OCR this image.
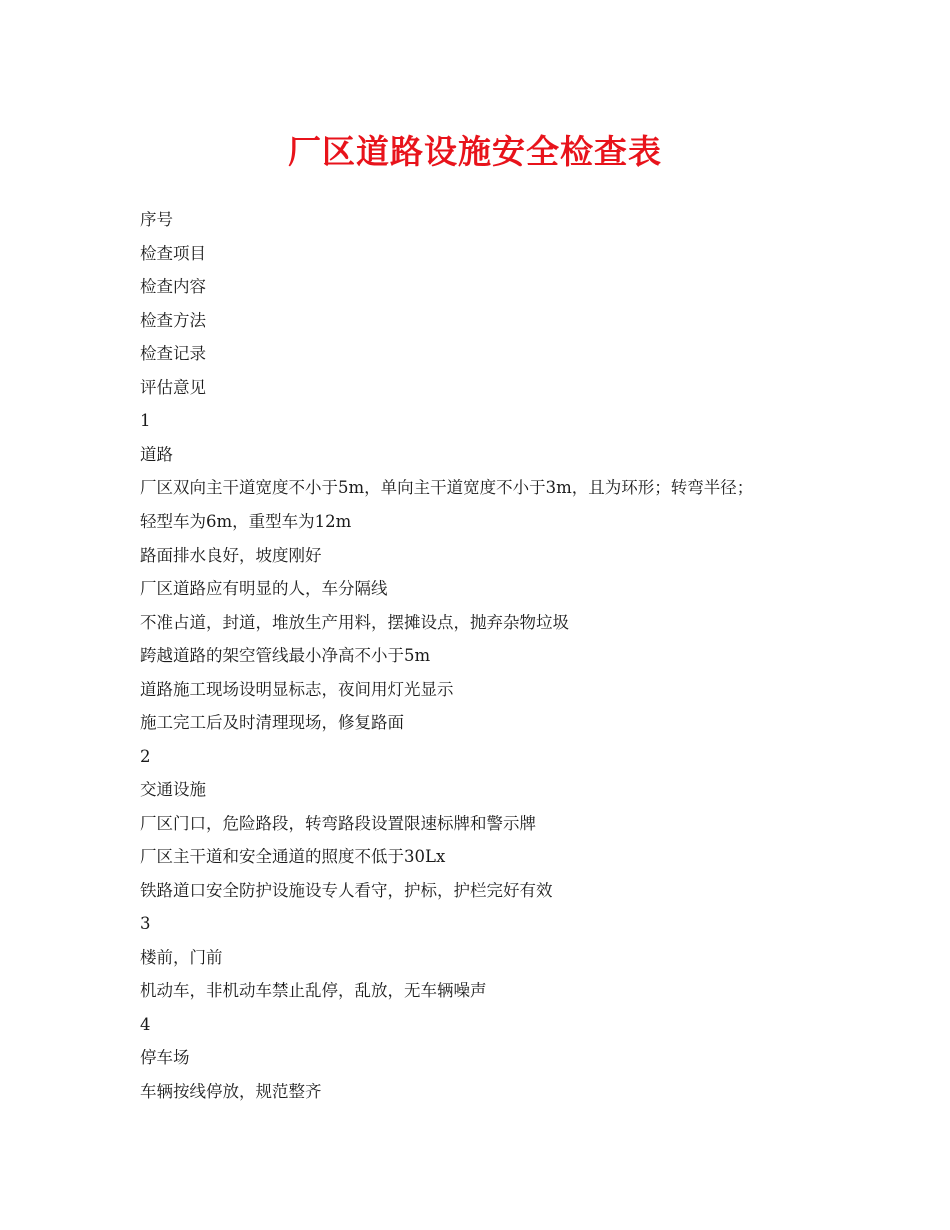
厂区道路设施安全检查表
序号
检查项目
检查内容
检查方法
检查记录
评估意见
1
道路
厂区双向主干道宽度不小于5m，单向主干道宽度不小于3m，且为环形；转弯半径；
轻型车为6m，重型车为12m
路面排水良好，坡度刚好
厂区道路应有明显的人，车分隔线
不准占道，封道，堆放生产用料，摆摊设点，抛弃杂物垃圾
跨越道路的架空管线最小净高不小于5m
道路施工现场设明显标志，夜间用灯光显示
施工完工后及时清理现场，修复路面
2
交通设施
厂区门口，危险路段，转弯路段设置限速标牌和警示牌
厂区主干道和安全通道的照度不低于30Lx
铁路道口安全防护设施设专人看守，护标，护栏完好有效
3
楼前，门前
机动车，非机动车禁止乱停，乱放，无车辆噪声
4
停车场
车辆按线停放，规范整齐
